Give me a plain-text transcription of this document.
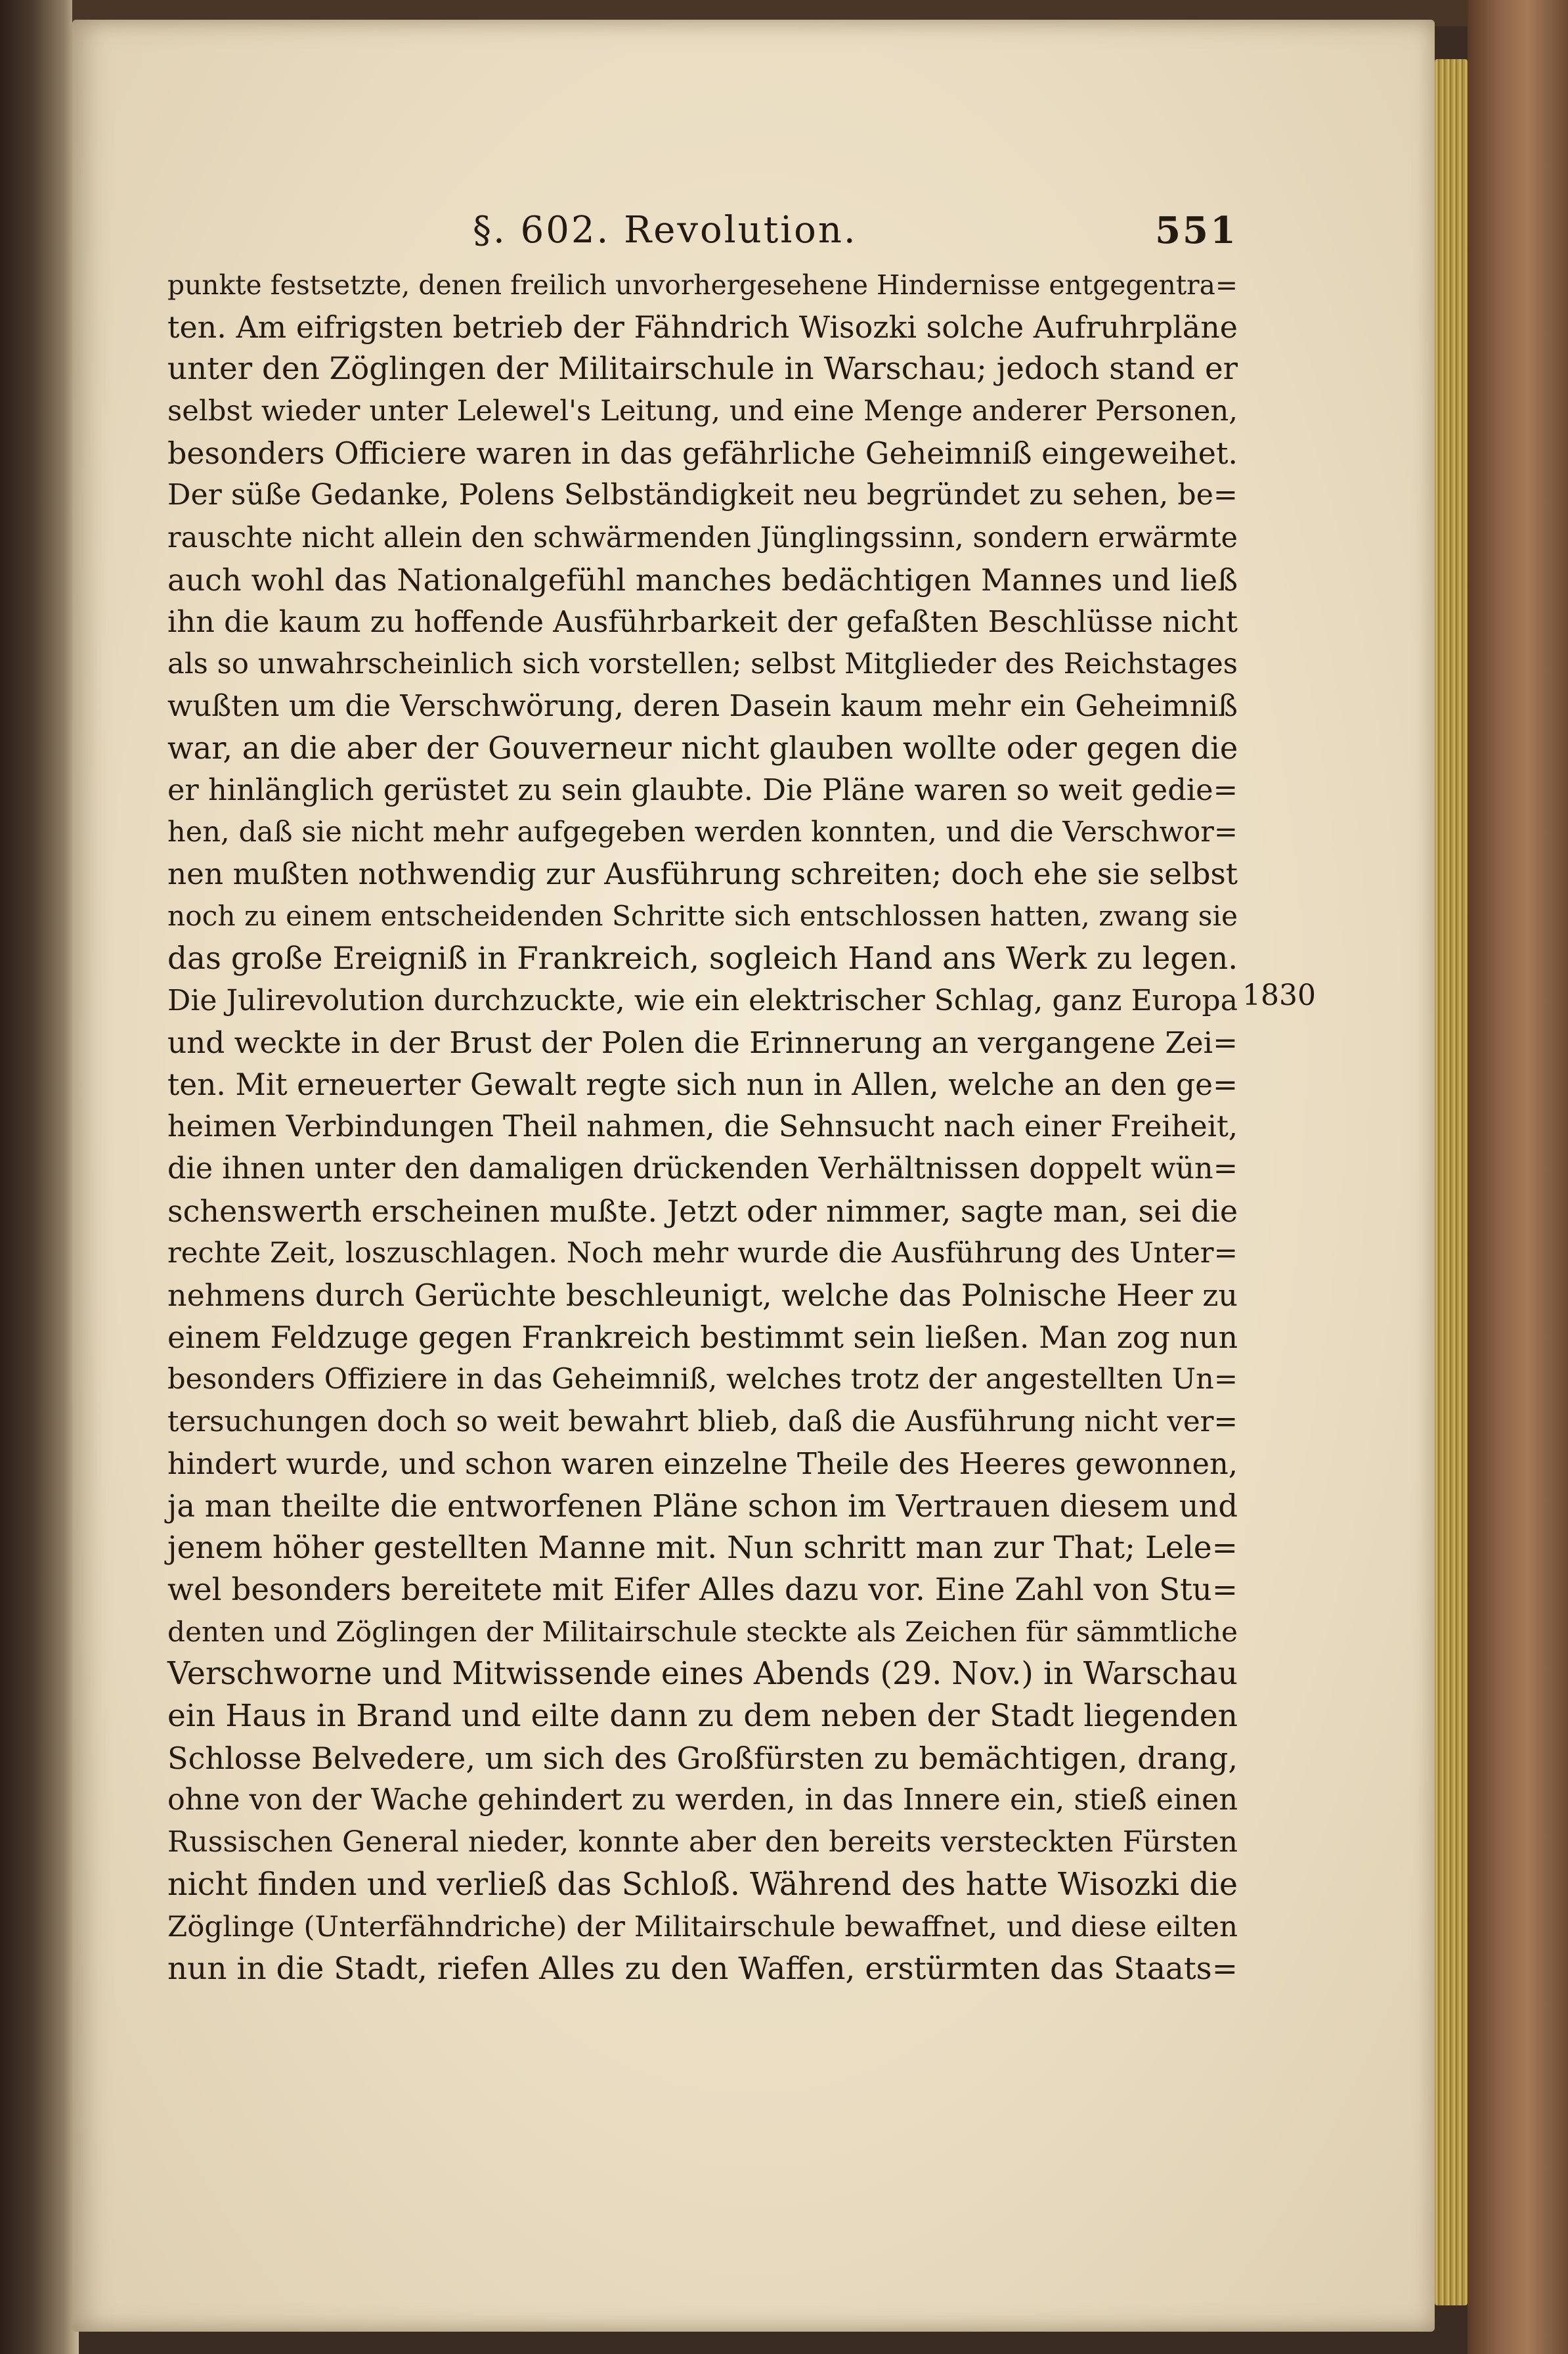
§. 602. Revolution.	551
punkte festsetzte, denen freilich unvorhergesehene Hindernisse entgegentra=
ten. Am eifrigsten betrieb der Fähndrich Wisozki solche Aufruhrpläne
unter den Zöglingen der Militairschule in Warschau; jedoch stand er
selbst wieder unter Lelewel's Leitung, und eine Menge anderer Personen,
besonders Officiere waren in das gefährliche Geheimniß eingeweihet.
Der süße Gedanke, Polens Selbständigkeit neu begründet zu sehen, be=
rauschte nicht allein den schwärmenden Jünglingssinn, sondern erwärmte
auch wohl das Nationalgefühl manches bedächtigen Mannes und ließ
ihn die kaum zu hoffende Ausführbarkeit der gefaßten Beschlüsse nicht
als so unwahrscheinlich sich vorstellen; selbst Mitglieder des Reichstages
wußten um die Verschwörung, deren Dasein kaum mehr ein Geheimniß
war, an die aber der Gouverneur nicht glauben wollte oder gegen die
er hinlänglich gerüstet zu sein glaubte. Die Pläne waren so weit gedie=
hen, daß sie nicht mehr aufgegeben werden konnten, und die Verschwor=
nen mußten nothwendig zur Ausführung schreiten; doch ehe sie selbst
noch zu einem entscheidenden Schritte sich entschlossen hatten, zwang sie
das große Ereigniß in Frankreich, sogleich Hand ans Werk zu legen.
Die Julirevolution durchzuckte, wie ein elektrischer Schlag, ganz Europa
und weckte in der Brust der Polen die Erinnerung an vergangene Zei=
ten. Mit erneuerter Gewalt regte sich nun in Allen, welche an den ge=
heimen Verbindungen Theil nahmen, die Sehnsucht nach einer Freiheit,
die ihnen unter den damaligen drückenden Verhältnissen doppelt wün=
schenswerth erscheinen mußte. Jetzt oder nimmer, sagte man, sei die
rechte Zeit, loszuschlagen. Noch mehr wurde die Ausführung des Unter=
nehmens durch Gerüchte beschleunigt, welche das Polnische Heer zu
einem Feldzuge gegen Frankreich bestimmt sein ließen. Man zog nun
besonders Offiziere in das Geheimniß, welches trotz der angestellten Un=
tersuchungen doch so weit bewahrt blieb, daß die Ausführung nicht ver=
hindert wurde, und schon waren einzelne Theile des Heeres gewonnen,
ja man theilte die entworfenen Pläne schon im Vertrauen diesem und
jenem höher gestellten Manne mit. Nun schritt man zur That; Lele=
wel besonders bereitete mit Eifer Alles dazu vor. Eine Zahl von Stu=
denten und Zöglingen der Militairschule steckte als Zeichen für sämmtliche
Verschworne und Mitwissende eines Abends (29. Nov.) in Warschau
ein Haus in Brand und eilte dann zu dem neben der Stadt liegenden
Schlosse Belvedere, um sich des Großfürsten zu bemächtigen, drang,
ohne von der Wache gehindert zu werden, in das Innere ein, stieß einen
Russischen General nieder, konnte aber den bereits versteckten Fürsten
nicht finden und verließ das Schloß. Während des hatte Wisozki die
Zöglinge (Unterfähndriche) der Militairschule bewaffnet, und diese eilten
nun in die Stadt, riefen Alles zu den Waffen, erstürmten das Staats=
1830
